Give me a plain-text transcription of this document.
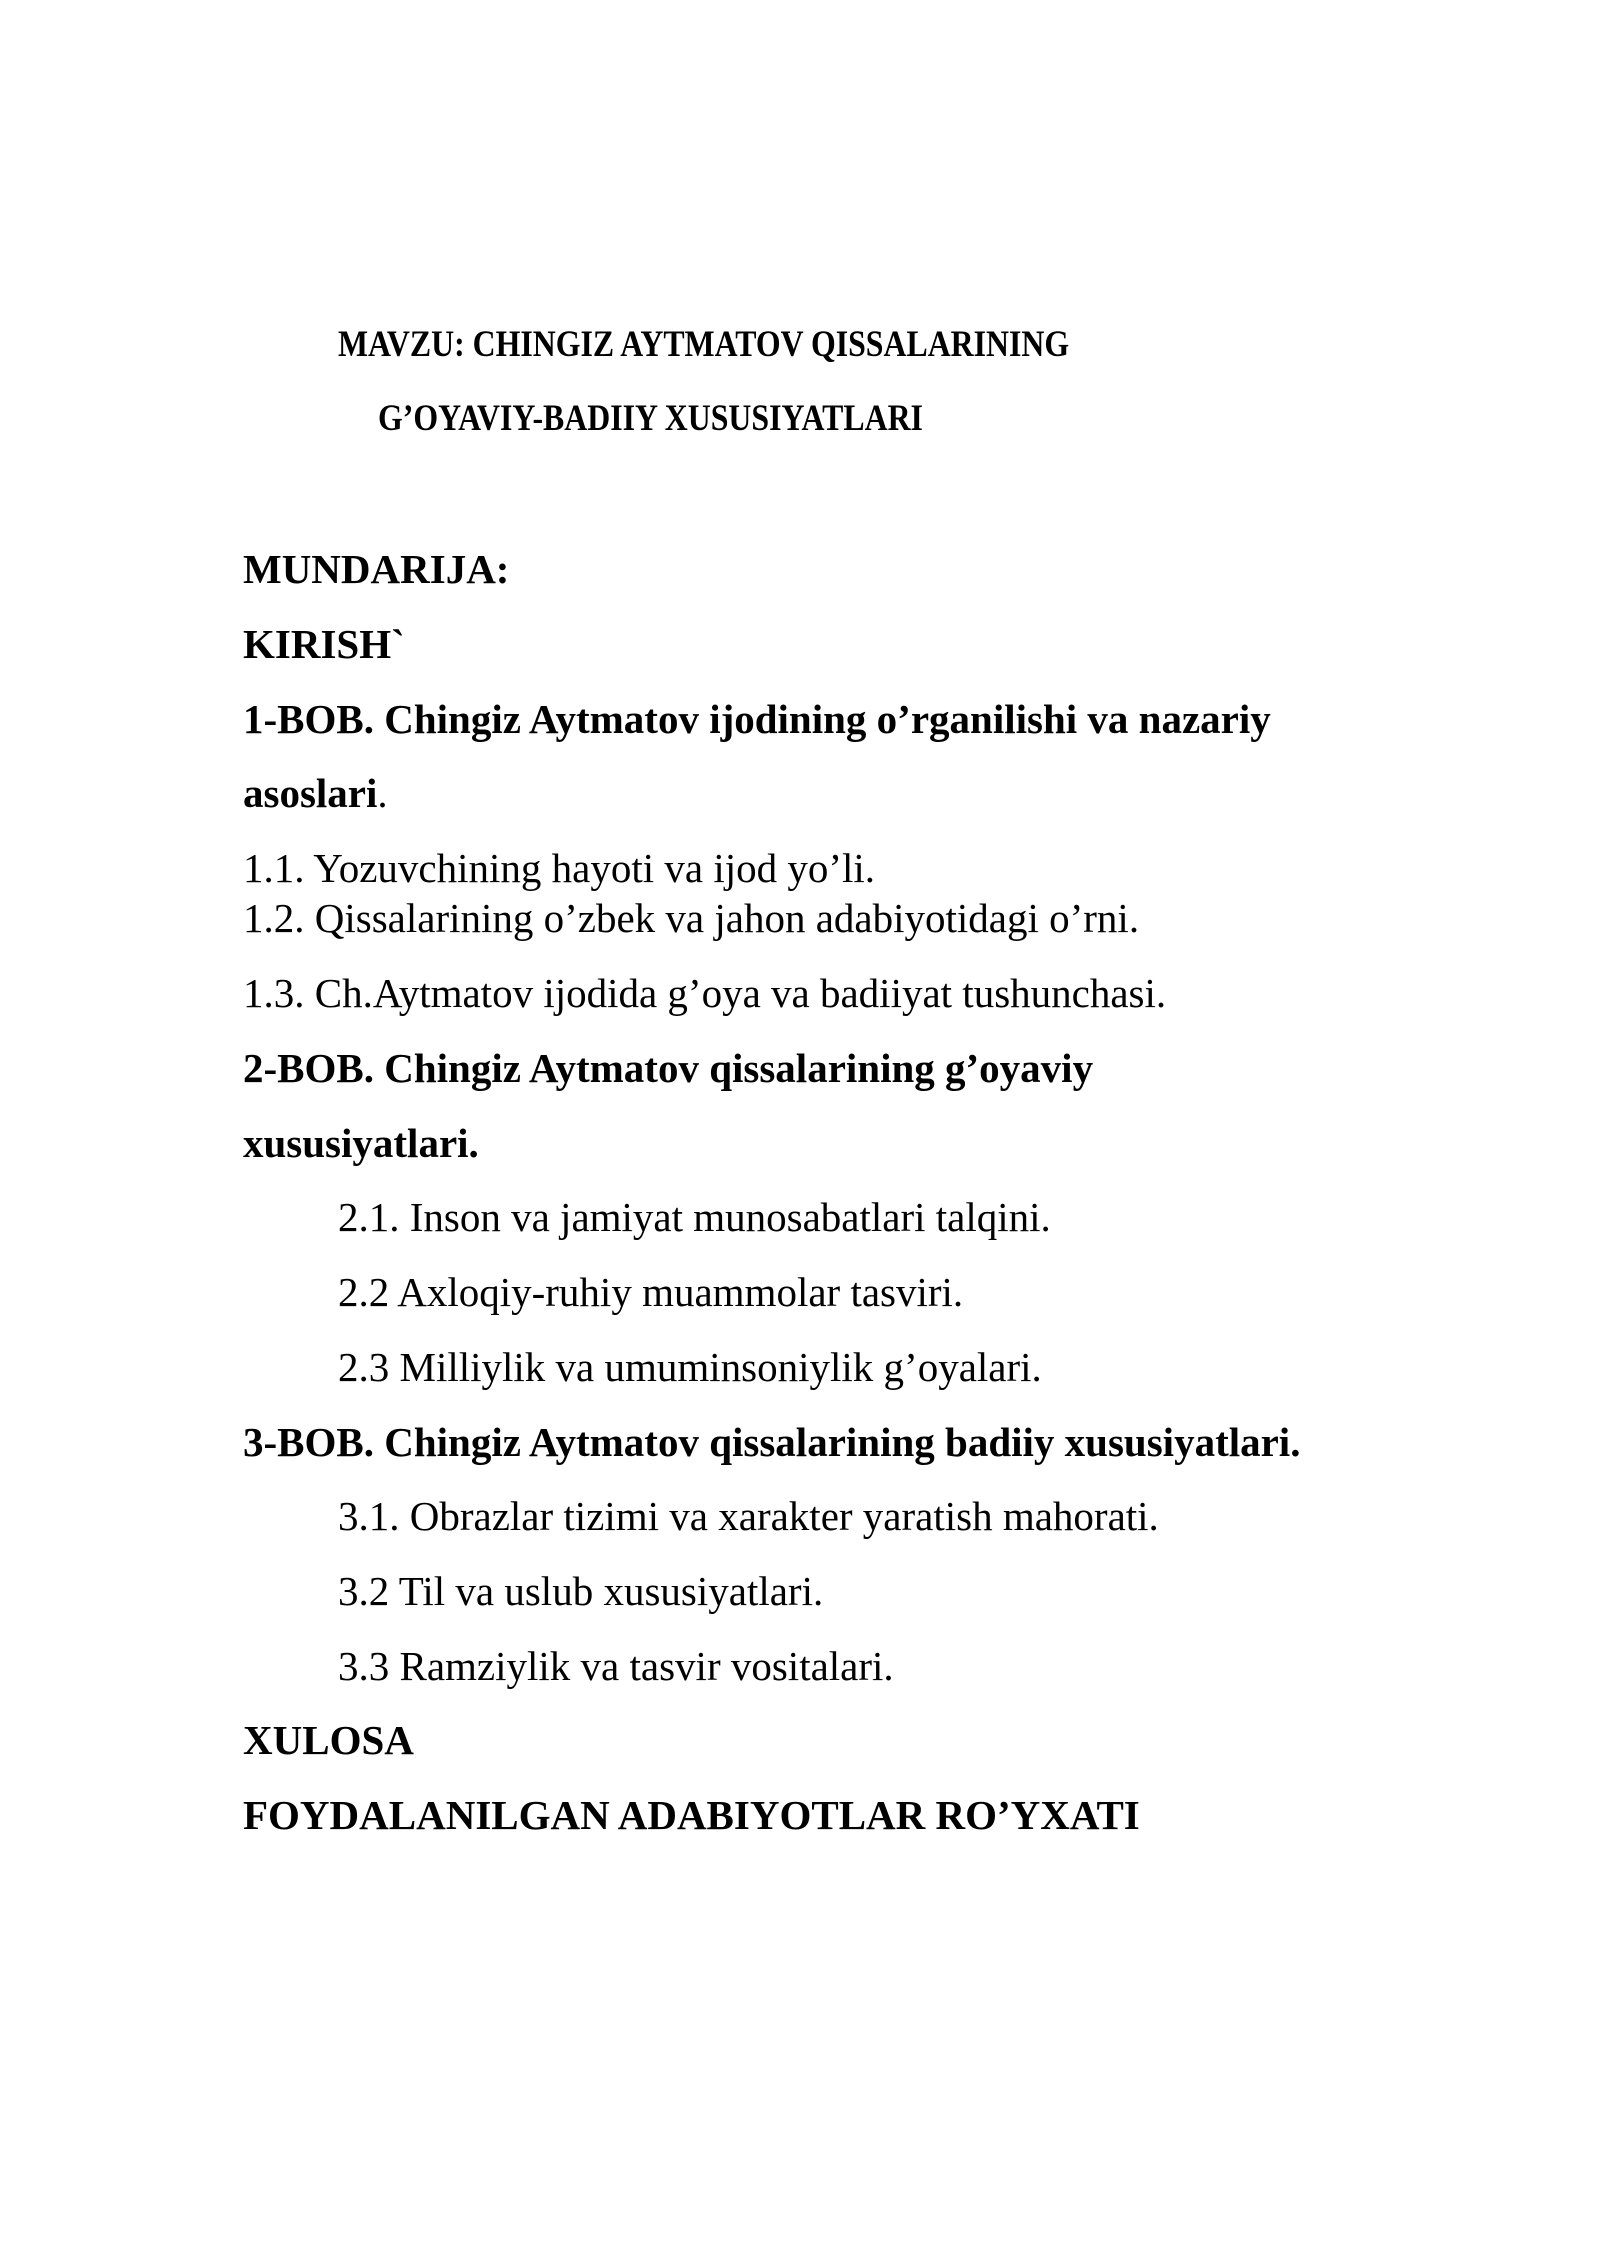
MAVZU: CHINGIZ AYTMATOV QISSALARINING
G’OYAVIY-BADIIY XUSUSIYATLARI
MUNDARIJA:
KIRISH`
1-BOB. Chingiz Aytmatov ijodining o’rganilishi va nazariy
asoslari.
1.1. Yozuvchining hayoti va ijod yo’li.
1.2. Qissalarining o’zbek va jahon adabiyotidagi o’rni.
1.3. Ch.Aytmatov ijodida g’oya va badiiyat tushunchasi.
2-BOB. Chingiz Aytmatov qissalarining g’oyaviy
xususiyatlari.
2.1. Inson va jamiyat munosabatlari talqini.
2.2 Axloqiy-ruhiy muammolar tasviri.
2.3 Milliylik va umuminsoniylik g’oyalari.
3-BOB. Chingiz Aytmatov qissalarining badiiy xususiyatlari.
3.1. Obrazlar tizimi va xarakter yaratish mahorati.
3.2 Til va uslub xususiyatlari.
3.3 Ramziylik va tasvir vositalari.
XULOSA
FOYDALANILGAN ADABIYOTLAR RO’YXATI
